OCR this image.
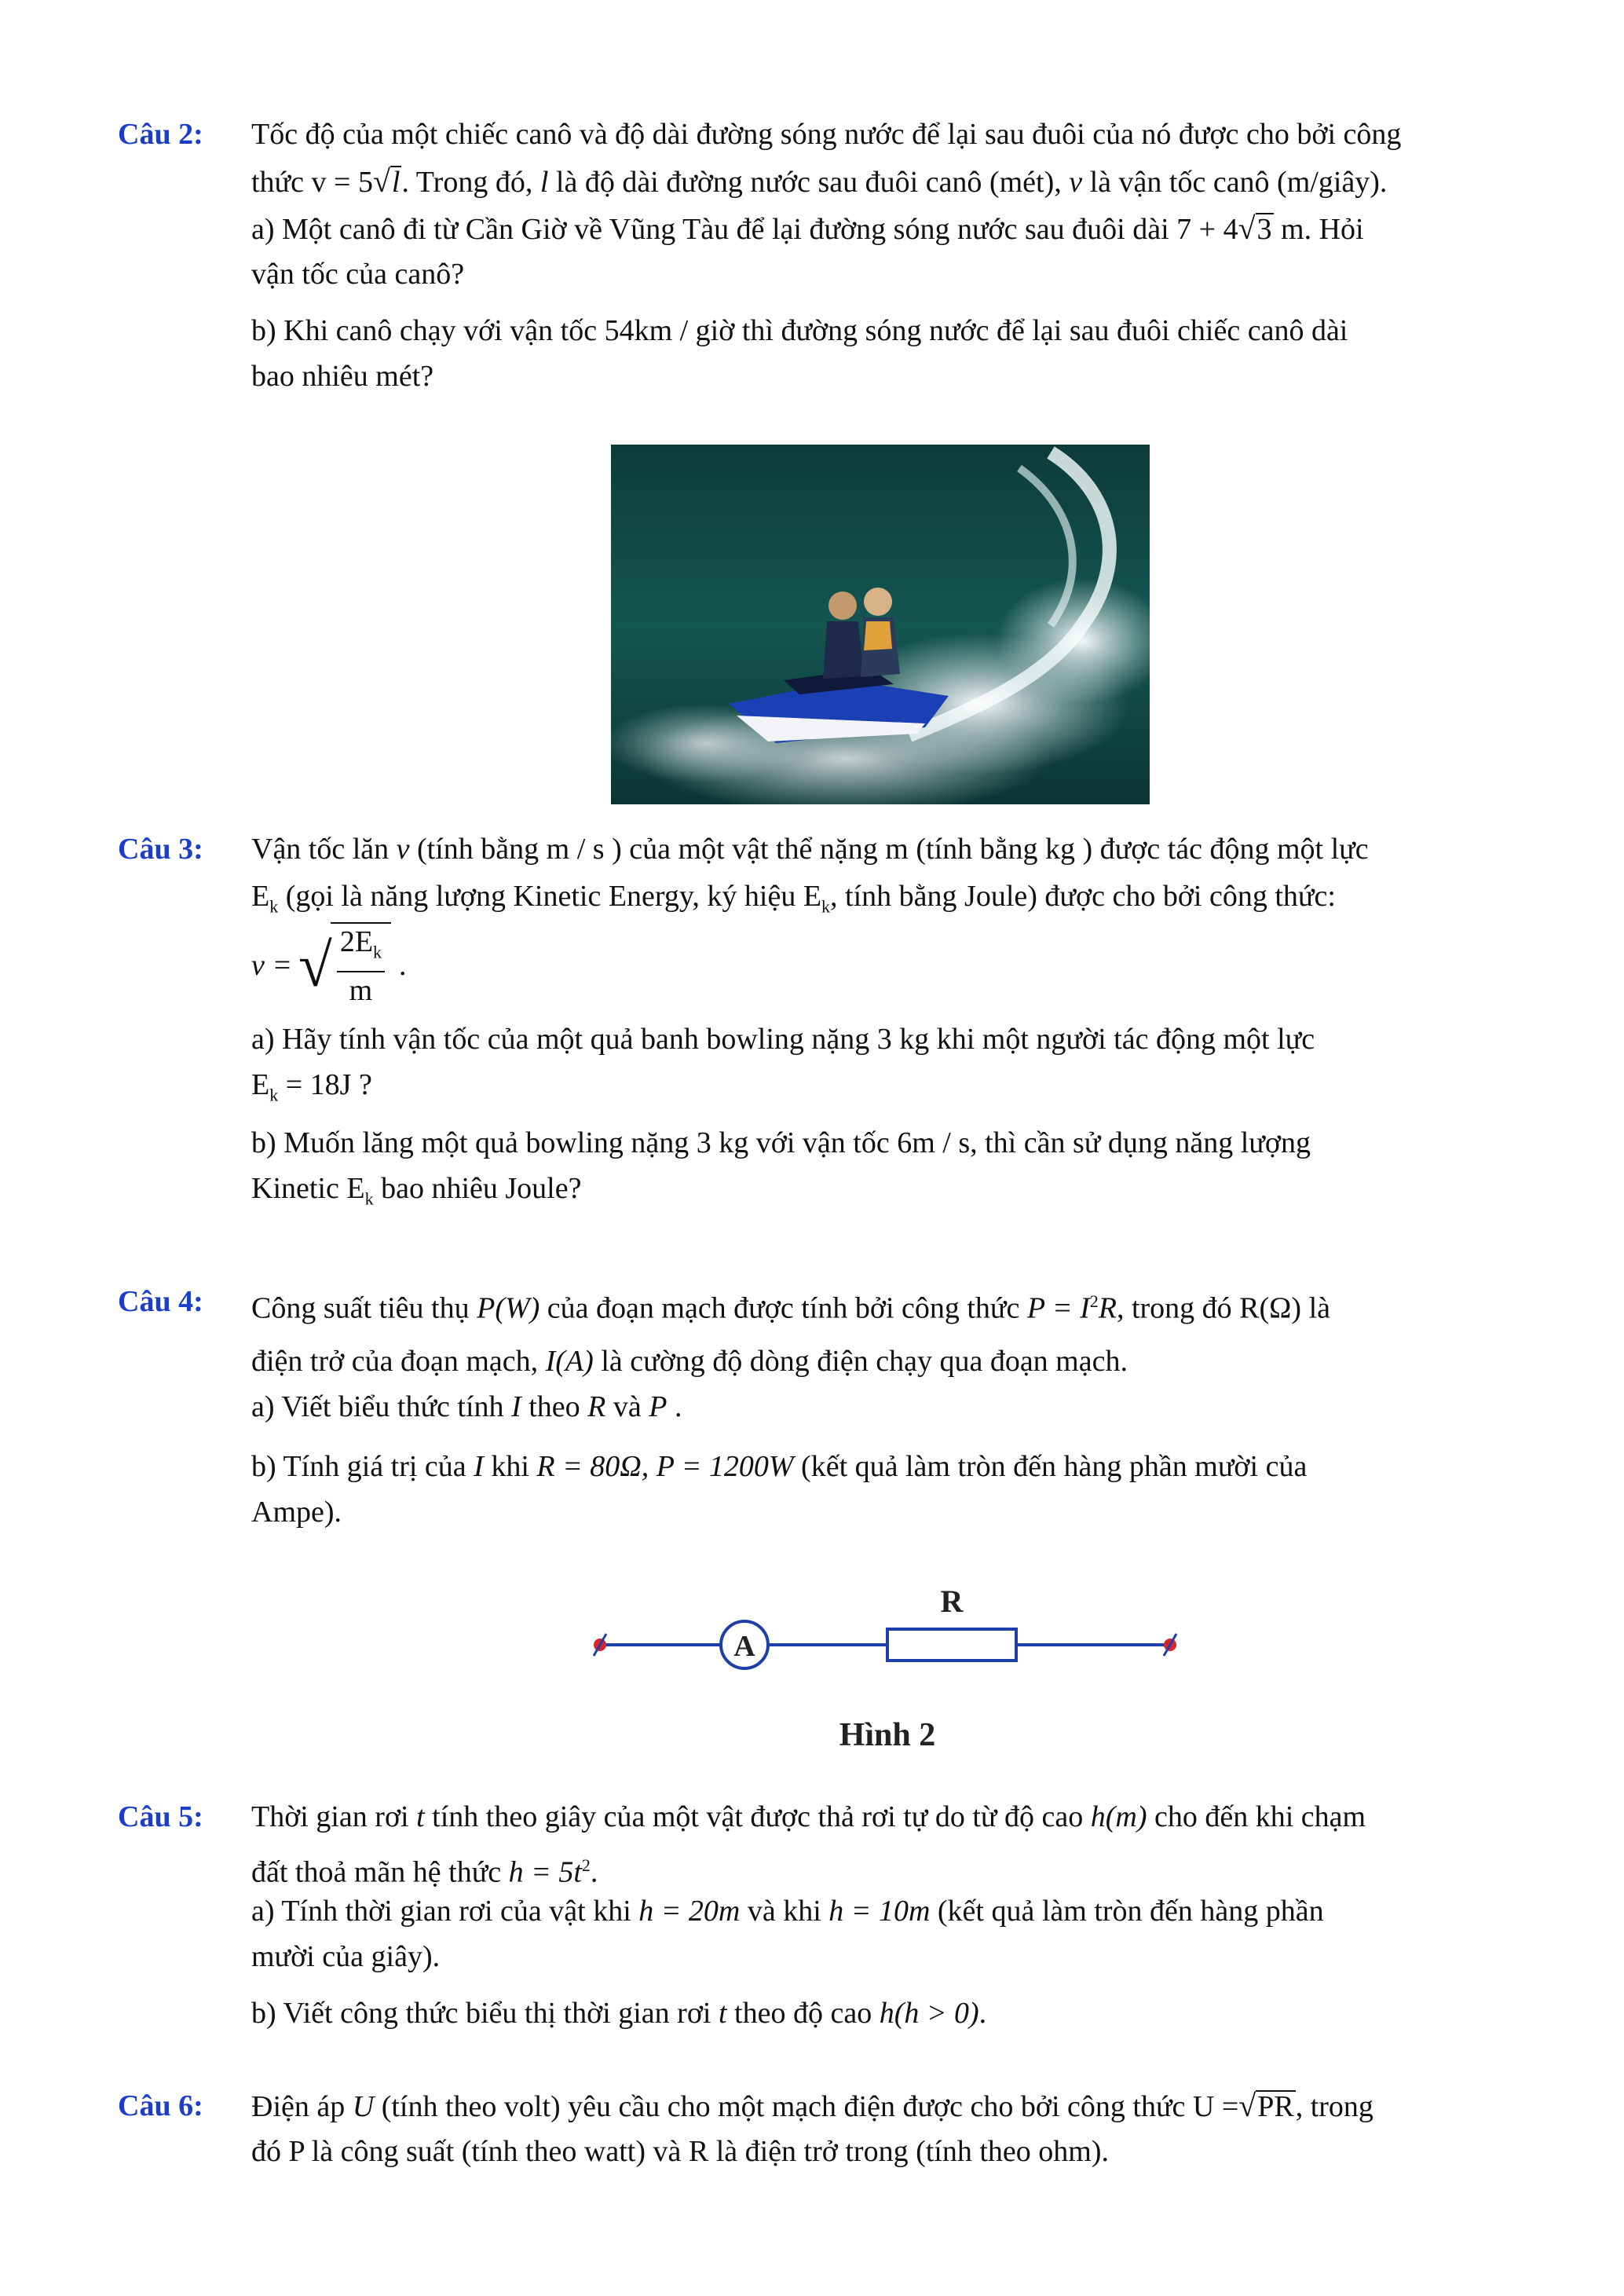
Câu 2: Tốc độ của một chiếc canô và độ dài đường sóng nước để lại sau đuôi của nó được cho bởi công
thức v = 5√l. Trong đó, l là độ dài đường nước sau đuôi canô (mét), v là vận tốc canô (m/giây).
a) Một canô đi từ Cần Giờ về Vũng Tàu để lại đường sóng nước sau đuôi dài 7 + 4√3 m. Hỏi
vận tốc của canô?
b) Khi canô chạy với vận tốc 54km / giờ thì đường sóng nước để lại sau đuôi chiếc canô dài
bao nhiêu mét?
Câu 3: Vận tốc lăn v (tính bằng m / s ) của một vật thể nặng m (tính bằng kg ) được tác động một lực
$E_k$ (gọi là năng lượng Kinetic Energy, ký hiệu $E_k$, tính bằng Joule) được cho bởi công thức:
v = √
$\frac{2E_k}{m}$ .
a) Hãy tính vận tốc của một quả banh bowling nặng 3 kg khi một người tác động một lực
$E_k = 18J$ ?
b) Muốn lăng một quả bowling nặng 3 kg với vận tốc 6m / s, thì cần sử dụng năng lượng
Kinetic $E_k$ bao nhiêu Joule?
Câu 4: Công suất tiêu thụ P(W) của đoạn mạch được tính bởi công thức $P = I^2R$, trong đó R(Ω) là
điện trở của đoạn mạch, I(A) là cường độ dòng điện chạy qua đoạn mạch.
a) Viết biểu thức tính I theo R và P .
b) Tính giá trị của I khi R = 80Ω, P = 1200W (kết quả làm tròn đến hàng phần mười của
Ampe).
A
R
Hình 2
Câu 5: Thời gian rơi t tính theo giây của một vật được thả rơi tự do từ độ cao h(m) cho đến khi chạm
đất thoả mãn hệ thức $h = 5t^2$.
a) Tính thời gian rơi của vật khi h = 20m và khi h = 10m (kết quả làm tròn đến hàng phần
mười của giây).
b) Viết công thức biểu thị thời gian rơi t theo độ cao h(h > 0).
Câu 6: Điện áp U (tính theo volt) yêu cầu cho một mạch điện được cho bởi công thức U =√PR, trong
đó P là công suất (tính theo watt) và R là điện trở trong (tính theo ohm).
